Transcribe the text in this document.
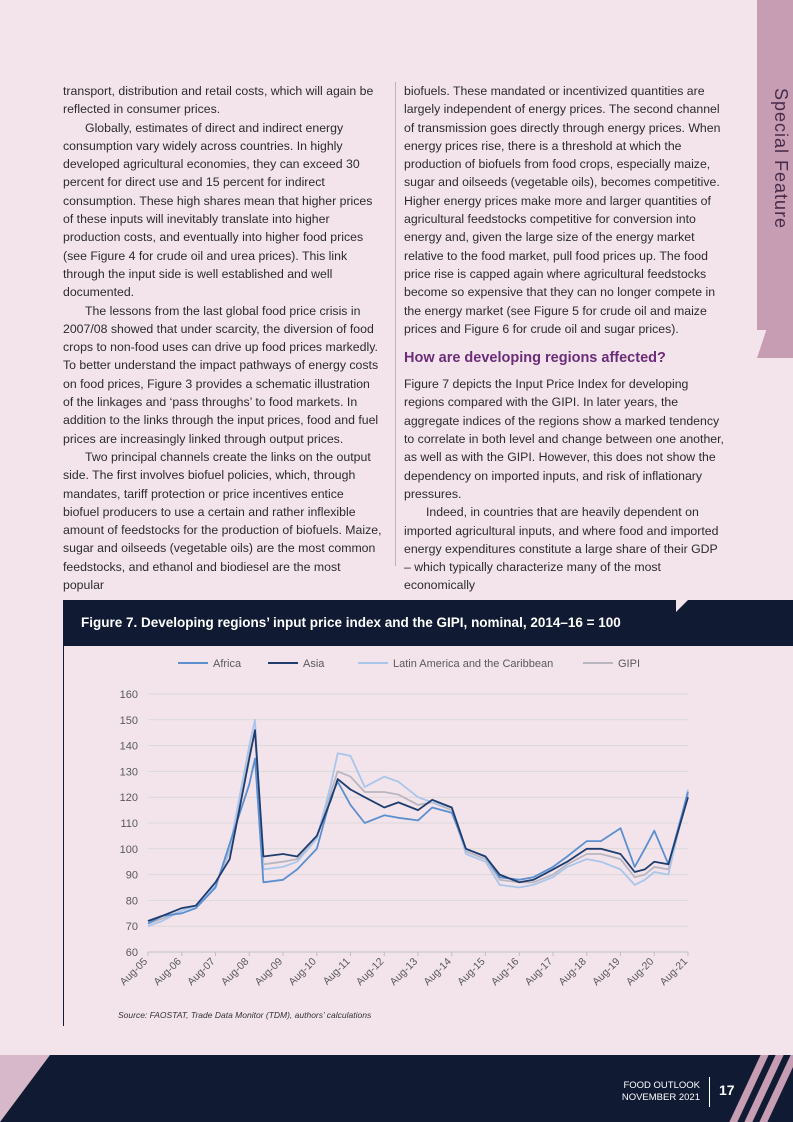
Special Feature

transport, distribution and retail costs, which will again be reflected in consumer prices.

Globally, estimates of direct and indirect energy consumption vary widely across countries. In highly developed agricultural economies, they can exceed 30 percent for direct use and 15 percent for indirect consumption. These high shares mean that higher prices of these inputs will inevitably translate into higher production costs, and eventually into higher food prices (see Figure 4 for crude oil and urea prices). This link through the input side is well established and well documented.

The lessons from the last global food price crisis in 2007/08 showed that under scarcity, the diversion of food crops to non-food uses can drive up food prices markedly. To better understand the impact pathways of energy costs on food prices, Figure 3 provides a schematic illustration of the linkages and ‘pass throughs’ to food markets. In addition to the links through the input prices, food and fuel prices are increasingly linked through output prices.

Two principal channels create the links on the output side. The first involves biofuel policies, which, through mandates, tariff protection or price incentives entice biofuel producers to use a certain and rather inflexible amount of feedstocks for the production of biofuels. Maize, sugar and oilseeds (vegetable oils) are the most common feedstocks, and ethanol and biodiesel are the most popular

biofuels. These mandated or incentivized quantities are largely independent of energy prices. The second channel of transmission goes directly through energy prices. When energy prices rise, there is a threshold at which the production of biofuels from food crops, especially maize, sugar and oilseeds (vegetable oils), becomes competitive. Higher energy prices make more and larger quantities of agricultural feedstocks competitive for conversion into energy and, given the large size of the energy market relative to the food market, pull food prices up. The food price rise is capped again where agricultural feedstocks become so expensive that they can no longer compete in the energy market (see Figure 5 for crude oil and maize prices and Figure 6 for crude oil and sugar prices).

How are developing regions affected?

Figure 7 depicts the Input Price Index for developing regions compared with the GIPI. In later years, the aggregate indices of the regions show a marked tendency to correlate in both level and change between one another, as well as with the GIPI. However, this does not show the dependency on imported inputs, and risk of inflationary pressures.

Indeed, in countries that are heavily dependent on imported agricultural inputs, and where food and imported energy expenditures constitute a large share of their GDP – which typically characterize many of the most economically

Figure 7. Developing regions’ input price index and the GIPI, nominal, 2014–16 = 100
60
70
80
90
100
110
120
130
140
150
160
Aug-05 Aug-06 Aug-07 Aug-08 Aug-09 Aug-10 Aug-11 Aug-12 Aug-13 Aug-14 Aug-15 Aug-16 Aug-17 Aug-18 Aug-19 Aug-20 Aug-21
Africa	Asia	Latin America and the Caribbean	GIPI
Source: FAOSTAT, Trade Data Monitor (TDM), authors’ calculations
FOOD OUTLOOK
NOVEMBER 2021 17
